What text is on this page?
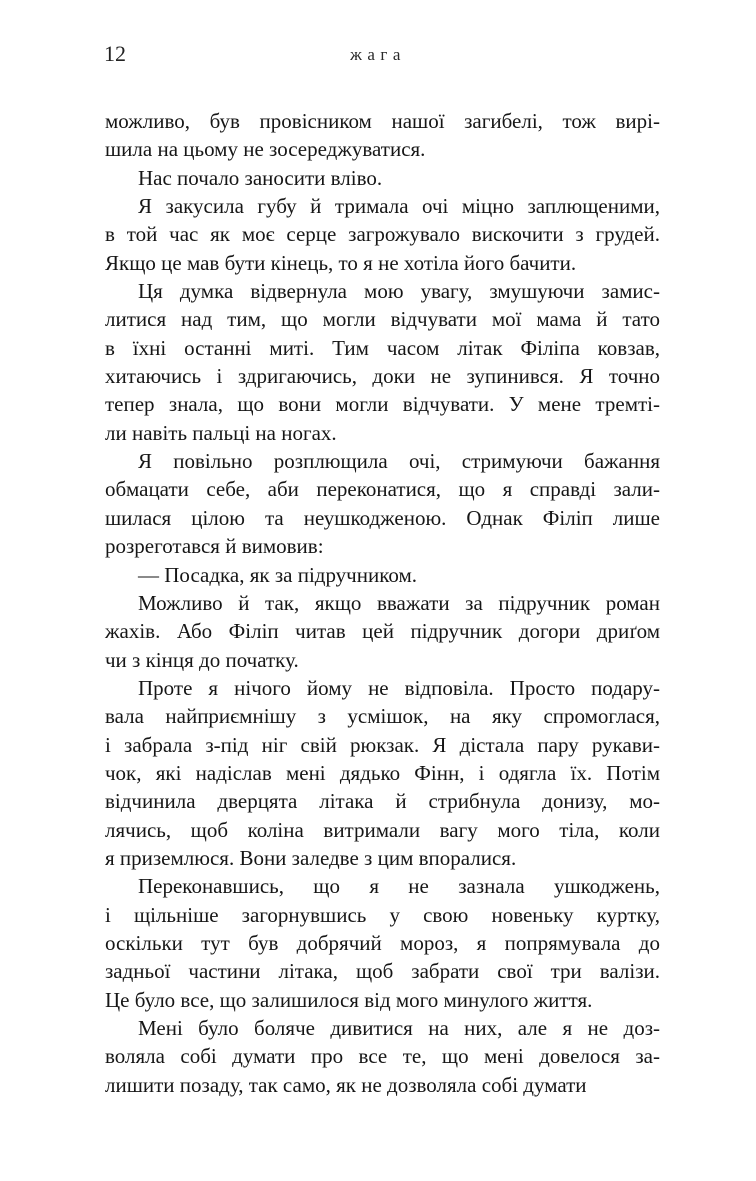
12	жага
можливо, був провісником нашої загибелі, тож вирі-
шила на цьому не зосереджуватися.
Нас почало заносити вліво.
Я закусила губу й тримала очі міцно заплющеними,
в той час як моє серце загрожувало вискочити з грудей.
Якщо це мав бути кінець, то я не хотіла його бачити.
Ця думка відвернула мою увагу, змушуючи замис-
литися над тим, що могли відчувати мої мама й тато
в їхні останні миті. Тим часом літак Філіпа ковзав,
хитаючись і здригаючись, доки не зупинився. Я точно
тепер знала, що вони могли відчувати. У мене тремті-
ли навіть пальці на ногах.
Я повільно розплющила очі, стримуючи бажання
обмацати себе, аби переконатися, що я справді зали-
шилася цілою та неушкодженою. Однак Філіп лише
розреготався й вимовив:
— Посадка, як за підручником.
Можливо й так, якщо вважати за підручник роман
жахів. Або Філіп читав цей підручник догори дриґом
чи з кінця до початку.
Проте я нічого йому не відповіла. Просто подару-
вала найприємнішу з усмішок, на яку спромоглася,
і забрала з-під ніг свій рюкзак. Я дістала пару рукави-
чок, які надіслав мені дядько Фінн, і одягла їх. Потім
відчинила дверцята літака й стрибнула донизу, мо-
лячись, щоб коліна витримали вагу мого тіла, коли
я приземлюся. Вони заледве з цим впоралися.
Переконавшись, що я не зазнала ушкоджень,
і щільніше загорнувшись у свою новеньку куртку,
оскільки тут був добрячий мороз, я попрямувала до
задньої частини літака, щоб забрати свої три валізи.
Це було все, що залишилося від мого минулого життя.
Мені було боляче дивитися на них, але я не доз-
воляла собі думати про все те, що мені довелося за-
лишити позаду, так само, як не дозволяла собі думати
